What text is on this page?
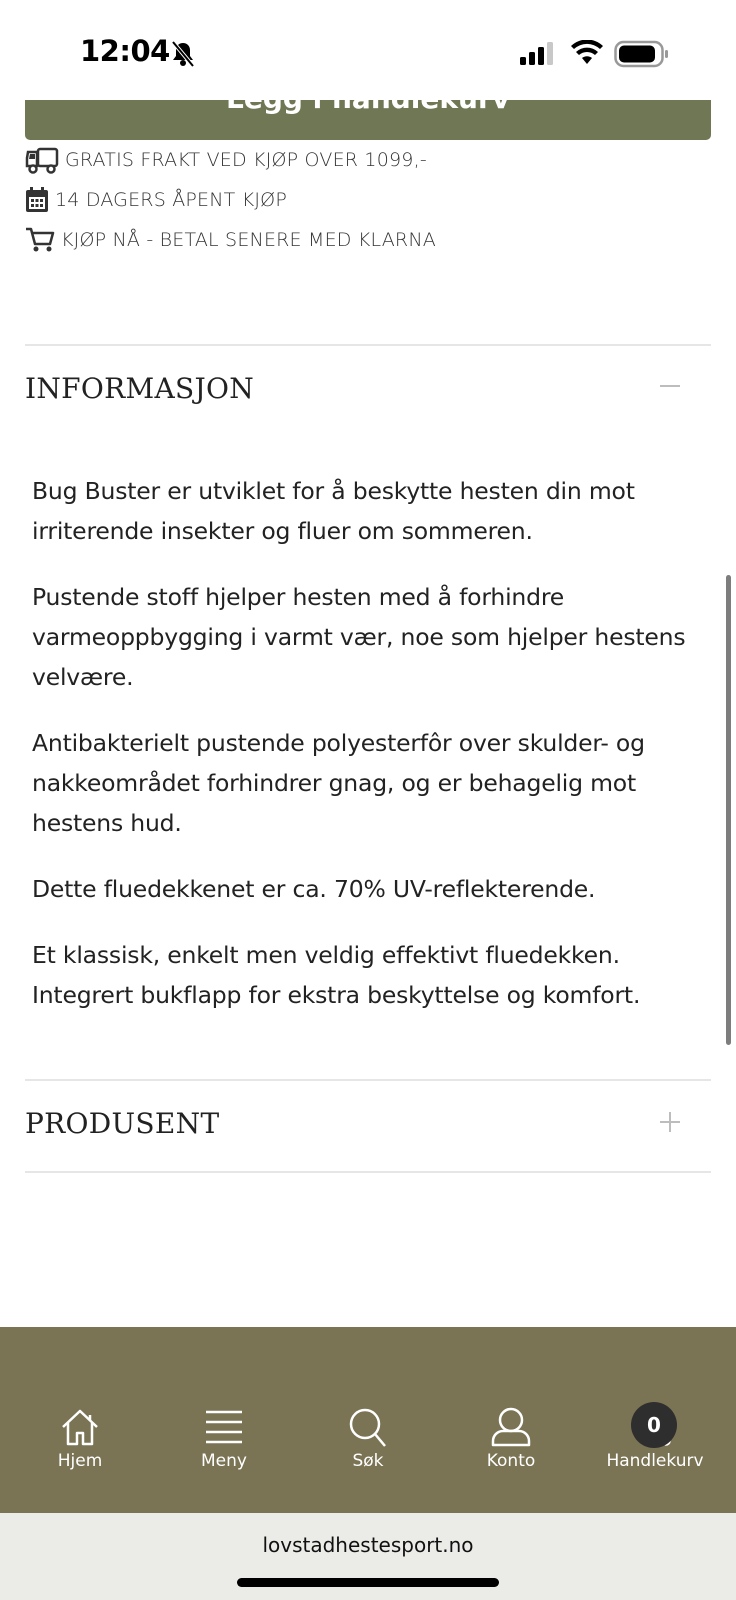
12:04
GRATIS FRAKT VED KJØP OVER 1099,-
14 DAGERS ÅPENT KJØP
KJØP NÅ - BETAL SENERE MED KLARNA
INFORMASJON

Bug Buster er utviklet for å beskytte hesten din mot irriterende insekter og fluer om sommeren.

Pustende stoff hjelper hesten med å forhindre varmeoppbygging i varmt vær, noe som hjelper hestens velvære.

Antibakterielt pustende polyesterfôr over skulder- og nakkeområdet forhindrer gnag, og er behagelig mot hestens hud.

Dette fluedekkenet er ca. 70% UV-reflekterende.

Et klassisk, enkelt men veldig effektivt fluedekken. Integrert bukflapp for ekstra beskyttelse og komfort.

PRODUSENT
Hjem	Meny	Søk	Konto	Handlekurv
0
lovstadhestesport.no
